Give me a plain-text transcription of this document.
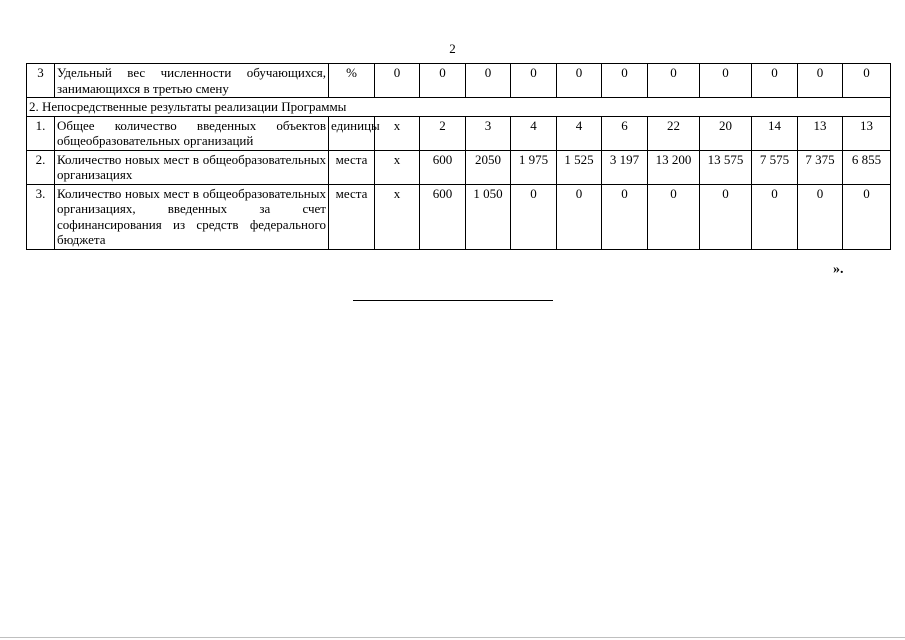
2
3	Удельный вес численности обучающихся, занимающихся в третью смену	%	0	0	0	0	0	0	0	0	0	0	0
2. Непосредственные результаты реализации Программы													
1.	Общее количество введенных объектов общеобразовательных организаций	единицы	x	2	3	4	4	6	22	20	14	13	13
2.	Количество новых мест в общеобразовательных организациях	места	x	600	2050	1 975	1 525	3 197	13 200	13 575	7 575	7 375	6 855
3.	Количество новых мест в общеобразовательных организациях, введенных за счет софинансирования из средств федерального бюджета	места	x	600	1 050	0	0	0	0	0	0	0	0
».
